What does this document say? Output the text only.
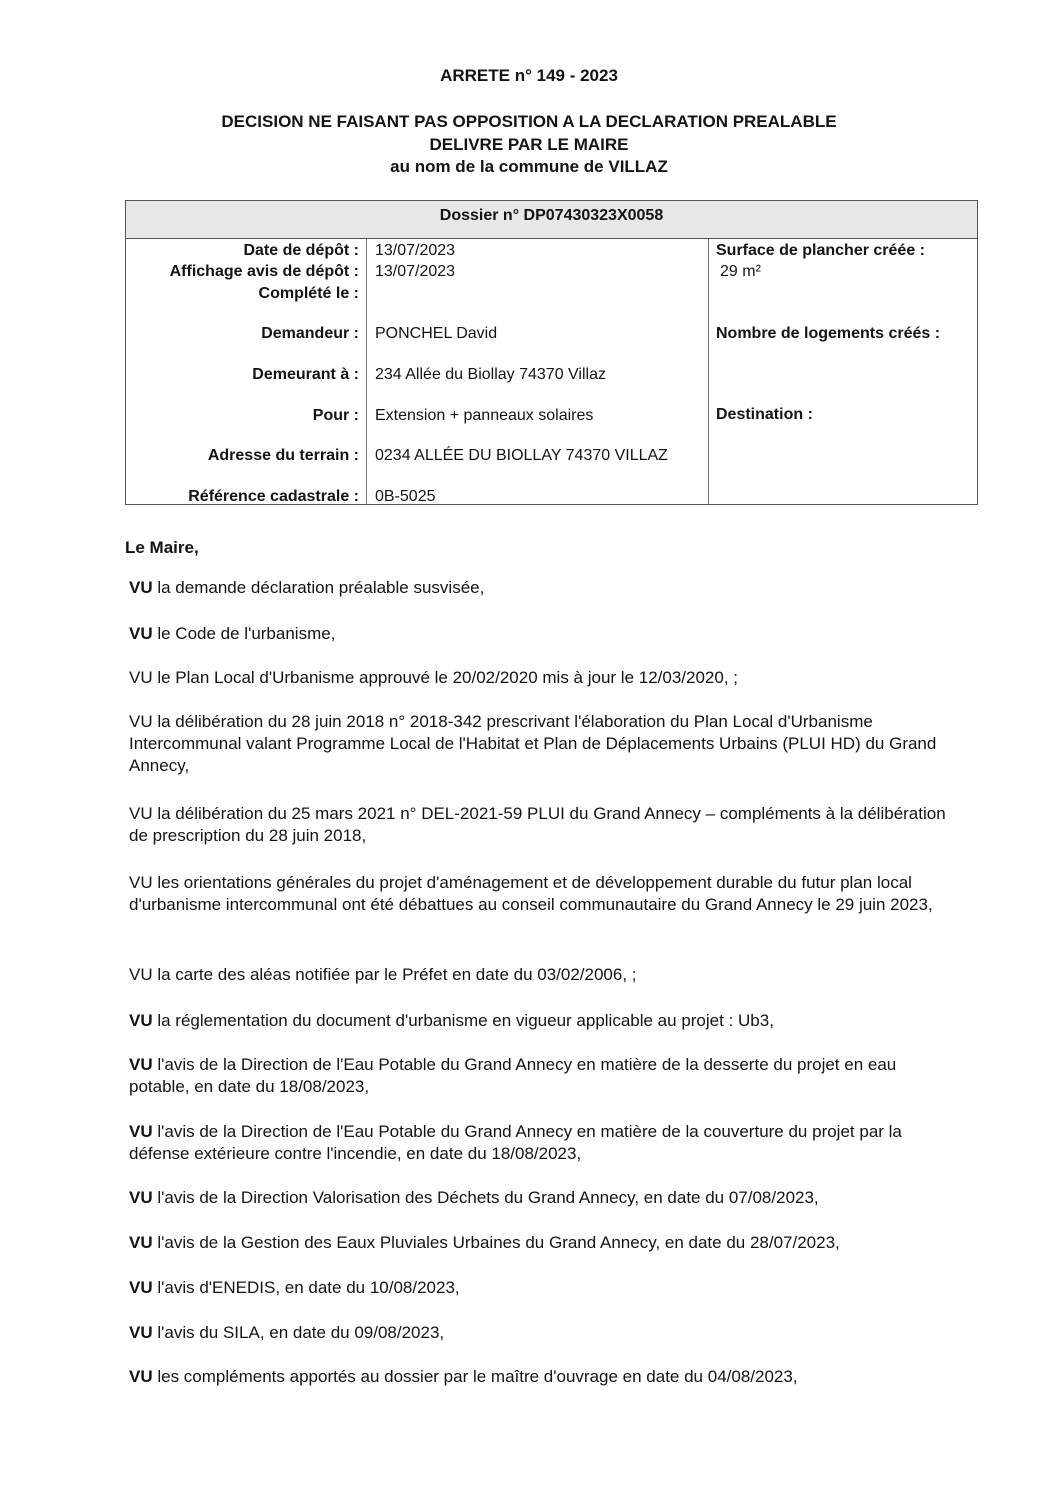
ARRETE n° 149 - 2023
DECISION NE FAISANT PAS OPPOSITION A LA DECLARATION PREALABLE
DELIVRE PAR LE MAIRE
au nom de la commune de VILLAZ
Dossier n° DP07430323X0058
Date de dépôt :
Affichage avis de dépôt :
Complété le :
Demandeur :
Demeurant à :
Pour :
Adresse du terrain :
Référence cadastrale :
13/07/2023
13/07/2023
PONCHEL David
234 Allée du Biollay 74370 Villaz
Extension + panneaux solaires
0234 ALLÉE DU BIOLLAY 74370 VILLAZ
0B-5025
Surface de plancher créée :
29 m²
Nombre de logements créés :
Destination :
Le Maire,
VU la demande déclaration préalable susvisée,
VU le Code de l'urbanisme,
VU le Plan Local d'Urbanisme approuvé le 20/02/2020 mis à jour le 12/03/2020, ;
VU la délibération du 28 juin 2018 n° 2018-342 prescrivant l'élaboration du Plan Local d'Urbanisme Intercommunal valant Programme Local de l'Habitat et Plan de Déplacements Urbains (PLUI HD) du Grand Annecy,
VU la délibération du 25 mars 2021 n° DEL-2021-59 PLUI du Grand Annecy – compléments à la délibération de prescription du 28 juin 2018,
VU les orientations générales du projet d'aménagement et de développement durable du futur plan local d'urbanisme intercommunal ont été débattues au conseil communautaire du Grand Annecy le 29 juin 2023,
VU la carte des aléas notifiée par le Préfet en date du 03/02/2006, ;
VU la réglementation du document d'urbanisme en vigueur applicable au projet : Ub3,
VU l'avis de la Direction de l'Eau Potable du Grand Annecy en matière de la desserte du projet en eau potable, en date du 18/08/2023,
VU l'avis de la Direction de l'Eau Potable du Grand Annecy en matière de la couverture du projet par la défense extérieure contre l'incendie, en date du 18/08/2023,
VU l'avis de la Direction Valorisation des Déchets du Grand Annecy, en date du 07/08/2023,
VU l'avis de la Gestion des Eaux Pluviales Urbaines du Grand Annecy, en date du 28/07/2023,
VU l'avis d'ENEDIS, en date du 10/08/2023,
VU l'avis du SILA, en date du 09/08/2023,
VU les compléments apportés au dossier par le maître d'ouvrage en date du 04/08/2023,
